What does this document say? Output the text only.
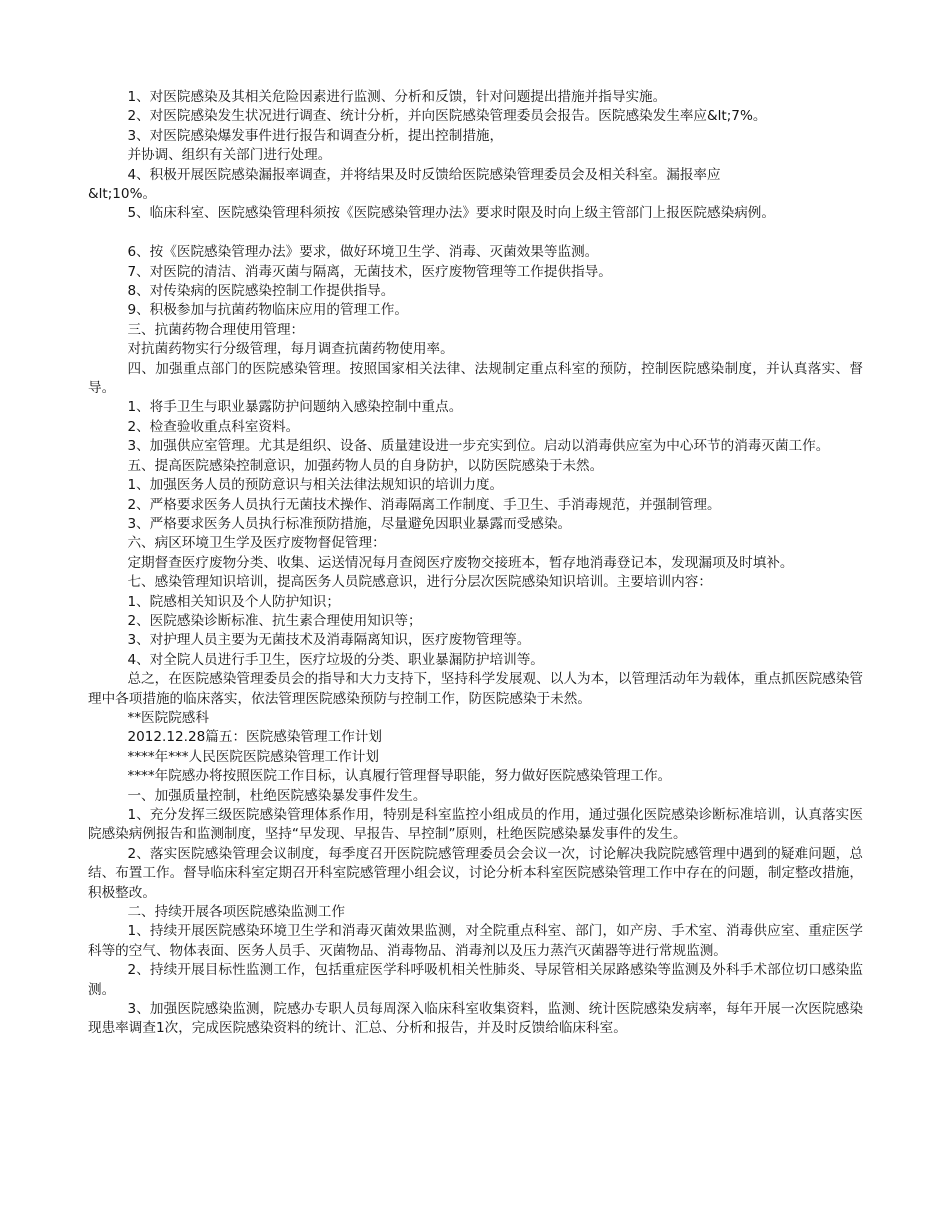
1、对医院感染及其相关危险因素进行监测、分析和反馈，针对问题提出措施并指导实施。

2、对医院感染发生状况进行调查、统计分析，并向医院感染管理委员会报告。医院感染发生率应&lt;7%。

3、对医院感染爆发事件进行报告和调查分析，提出控制措施，

并协调、组织有关部门进行处理。

4、积极开展医院感染漏报率调查，并将结果及时反馈给医院感染管理委员会及相关科室。漏报率应

&lt;10%。

5、临床科室、医院感染管理科须按《医院感染管理办法》要求时限及时向上级主管部门上报医院感染病例。

6、按《医院感染管理办法》要求，做好环境卫生学、消毒、灭菌效果等监测。

7、对医院的清洁、消毒灭菌与隔离，无菌技术，医疗废物管理等工作提供指导。

8、对传染病的医院感染控制工作提供指导。

9、积极参加与抗菌药物临床应用的管理工作。

三、抗菌药物合理使用管理：

对抗菌药物实行分级管理，每月调查抗菌药物使用率。

四、加强重点部门的医院感染管理。按照国家相关法律、法规制定重点科室的预防，控制医院感染制度，并认真落实、督导。

1、将手卫生与职业暴露防护问题纳入感染控制中重点。

2、检查验收重点科室资料。

3、加强供应室管理。尤其是组织、设备、质量建设进一步充实到位。启动以消毒供应室为中心环节的消毒灭菌工作。

五、提高医院感染控制意识，加强药物人员的自身防护，以防医院感染于未然。

1、加强医务人员的预防意识与相关法律法规知识的培训力度。

2、严格要求医务人员执行无菌技术操作、消毒隔离工作制度、手卫生、手消毒规范，并强制管理。

3、严格要求医务人员执行标准预防措施，尽量避免因职业暴露而受感染。

六、病区环境卫生学及医疗废物督促管理：

定期督查医疗废物分类、收集、运送情况每月查阅医疗废物交接班本，暂存地消毒登记本，发现漏项及时填补。

七、感染管理知识培训，提高医务人员院感意识，进行分层次医院感染知识培训。主要培训内容：

1、院感相关知识及个人防护知识；

2、医院感染诊断标准、抗生素合理使用知识等；

3、对护理人员主要为无菌技术及消毒隔离知识，医疗废物管理等。

4、对全院人员进行手卫生，医疗垃圾的分类、职业暴漏防护培训等。

总之，在医院感染管理委员会的指导和大力支持下，坚持科学发展观、以人为本，以管理活动年为载体，重点抓医院感染管理中各项措施的临床落实，依法管理医院感染预防与控制工作，防医院感染于未然。

**医院院感科

2012.12.28篇五：医院感染管理工作计划

****年***人民医院医院感染管理工作计划

****年院感办将按照医院工作目标，认真履行管理督导职能，努力做好医院感染管理工作。

一、加强质量控制，杜绝医院感染暴发事件发生。

1、充分发挥三级医院感染管理体系作用，特别是科室监控小组成员的作用，通过强化医院感染诊断标准培训，认真落实医院感染病例报告和监测制度，坚持“早发现、早报告、早控制”原则，杜绝医院感染暴发事件的发生。

2、落实医院感染管理会议制度，每季度召开医院院感管理委员会会议一次，讨论解决我院院感管理中遇到的疑难问题，总结、布置工作。督导临床科室定期召开科室院感管理小组会议，讨论分析本科室医院感染管理工作中存在的问题，制定整改措施，积极整改。

二、持续开展各项医院感染监测工作

1、持续开展医院感染环境卫生学和消毒灭菌效果监测，对全院重点科室、部门，如产房、手术室、消毒供应室、重症医学科等的空气、物体表面、医务人员手、灭菌物品、消毒物品、消毒剂以及压力蒸汽灭菌器等进行常规监测。

2、持续开展目标性监测工作，包括重症医学科呼吸机相关性肺炎、导尿管相关尿路感染等监测及外科手术部位切口感染监测。

3、加强医院感染监测，院感办专职人员每周深入临床科室收集资料，监测、统计医院感染发病率，每年开展一次医院感染现患率调查1次，完成医院感染资料的统计、汇总、分析和报告，并及时反馈给临床科室。
